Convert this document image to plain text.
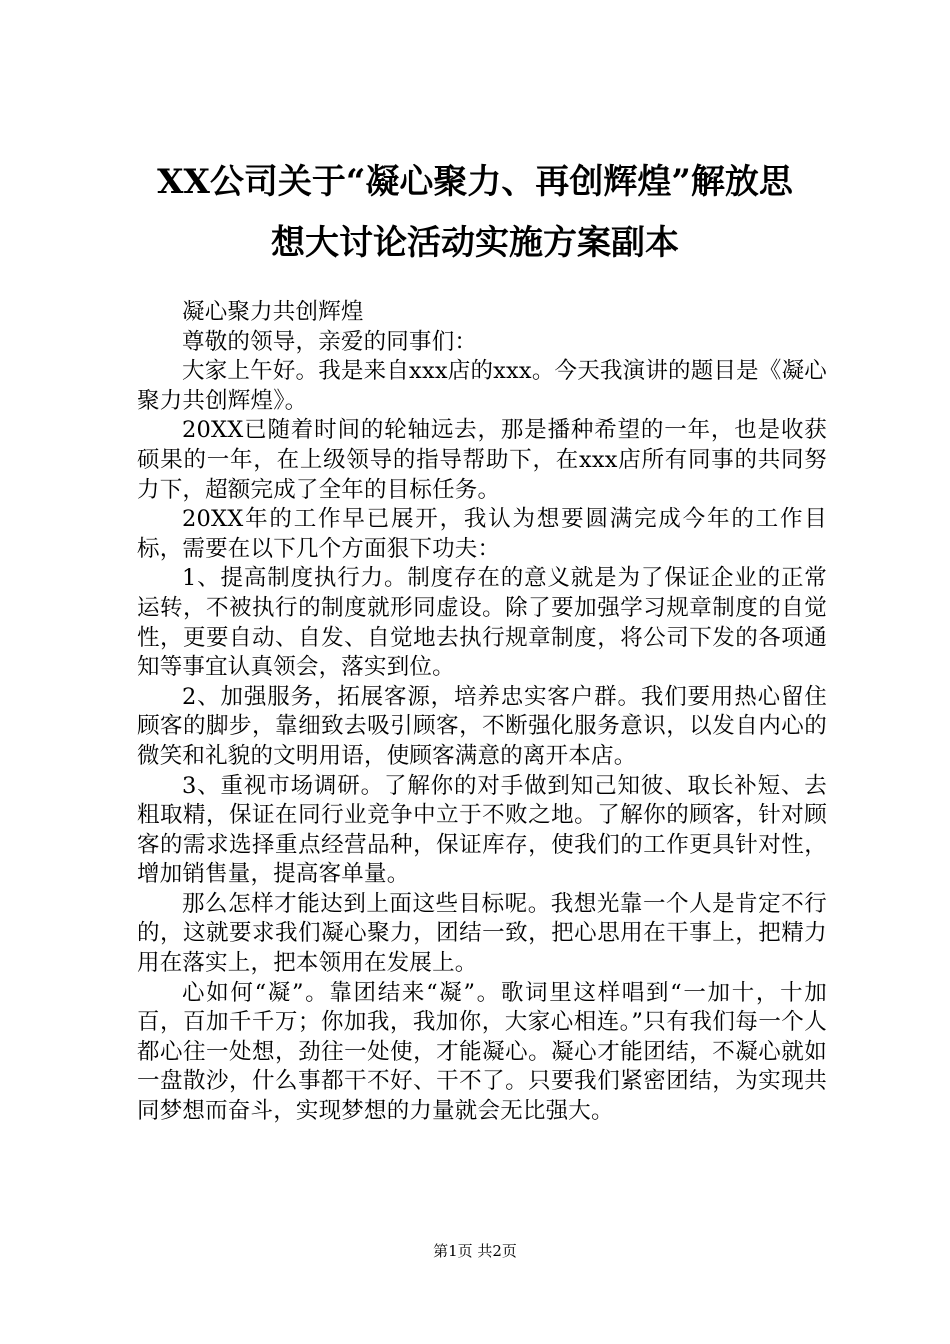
XX公司关于“凝心聚力、再创辉煌”解放思
想大讨论活动实施方案副本

凝心聚力共创辉煌

尊敬的领导，亲爱的同事们：

大家上午好。我是来自xxx店的xxx。今天我演讲的题目是《凝心聚力共创辉煌》。

20XX已随着时间的轮轴远去，那是播种希望的一年，也是收获硕果的一年，在上级领导的指导帮助下，在xxx店所有同事的共同努力下，超额完成了全年的目标任务。

20XX年的工作早已展开，我认为想要圆满完成今年的工作目标，需要在以下几个方面狠下功夫：

1、提高制度执行力。制度存在的意义就是为了保证企业的正常运转，不被执行的制度就形同虚设。除了要加强学习规章制度的自觉性，更要自动、自发、自觉地去执行规章制度，将公司下发的各项通知等事宜认真领会，落实到位。

2、加强服务，拓展客源，培养忠实客户群。我们要用热心留住顾客的脚步，靠细致去吸引顾客，不断强化服务意识，以发自内心的微笑和礼貌的文明用语，使顾客满意的离开本店。

3、重视市场调研。了解你的对手做到知己知彼、取长补短、去粗取精，保证在同行业竞争中立于不败之地。了解你的顾客，针对顾客的需求选择重点经营品种，保证库存，使我们的工作更具针对性，增加销售量，提高客单量。

那么怎样才能达到上面这些目标呢。我想光靠一个人是肯定不行的，这就要求我们凝心聚力，团结一致，把心思用在干事上，把精力用在落实上，把本领用在发展上。

心如何“凝”。靠团结来“凝”。歌词里这样唱到“一加十，十加百，百加千千万；你加我，我加你，大家心相连。”只有我们每一个人都心往一处想，劲往一处使，才能凝心。凝心才能团结，不凝心就如一盘散沙，什么事都干不好、干不了。只要我们紧密团结，为实现共同梦想而奋斗，实现梦想的力量就会无比强大。

第1页 共2页
